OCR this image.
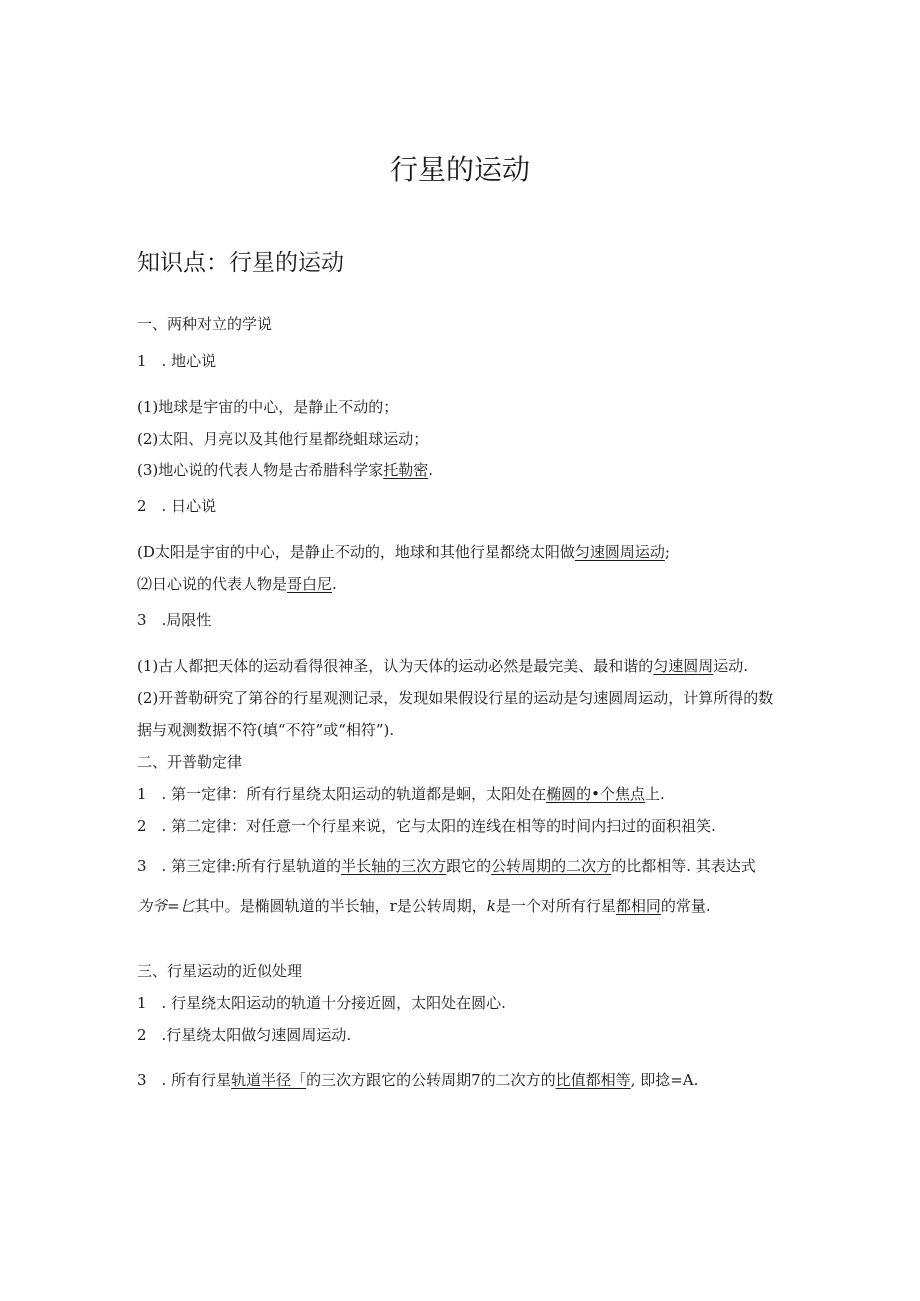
行星的运动
知识点：行星的运动
一、两种对立的学说
1　. 地心说
(1)地球是宇宙的中心，是静止不动的；
(2)太阳、月亮以及其他行星都绕蛆球运动；
(3)地心说的代表人物是古希腊科学家托勒密.
2　. 日心说
(D太阳是宇宙的中心，是静止不动的，地球和其他行星都绕太阳做匀速圆周运动;
⑵日心说的代表人物是哥白尼.
3　.局限性
(1)古人都把天体的运动看得很神圣，认为天体的运动必然是最完美、最和谐的匀速圆周运动.
(2)开普勒研究了第谷的行星观测记录，发现如果假设行星的运动是匀速圆周运动，计算所得的数
据与观测数据不符(填“不符”或“相符”).
二、开普勒定律
1　. 第一定律：所有行星绕太阳运动的轨道都是蛔，太阳处在椭圆的•个焦点上.
2　. 第二定律：对任意一个行星来说，它与太阳的连线在相等的时间内扫过的面积祖笑.
3　. 第三定律:所有行星轨道的半长轴的三次方跟它的公转周期的二次方的比都相等. 其表达式
为爷=匕其中。是椭圆轨道的半长轴，r是公转周期，k是一个对所有行星都相同的常量.
三、行星运动的近似处理
1　. 行星绕太阳运动的轨道十分接近圆，太阳处在圆心.
2　.行星绕太阳做匀速圆周运动.
3　. 所有行星轨道半径「的三次方跟它的公转周期7的二次方的比值都相等, 即捻=A.
